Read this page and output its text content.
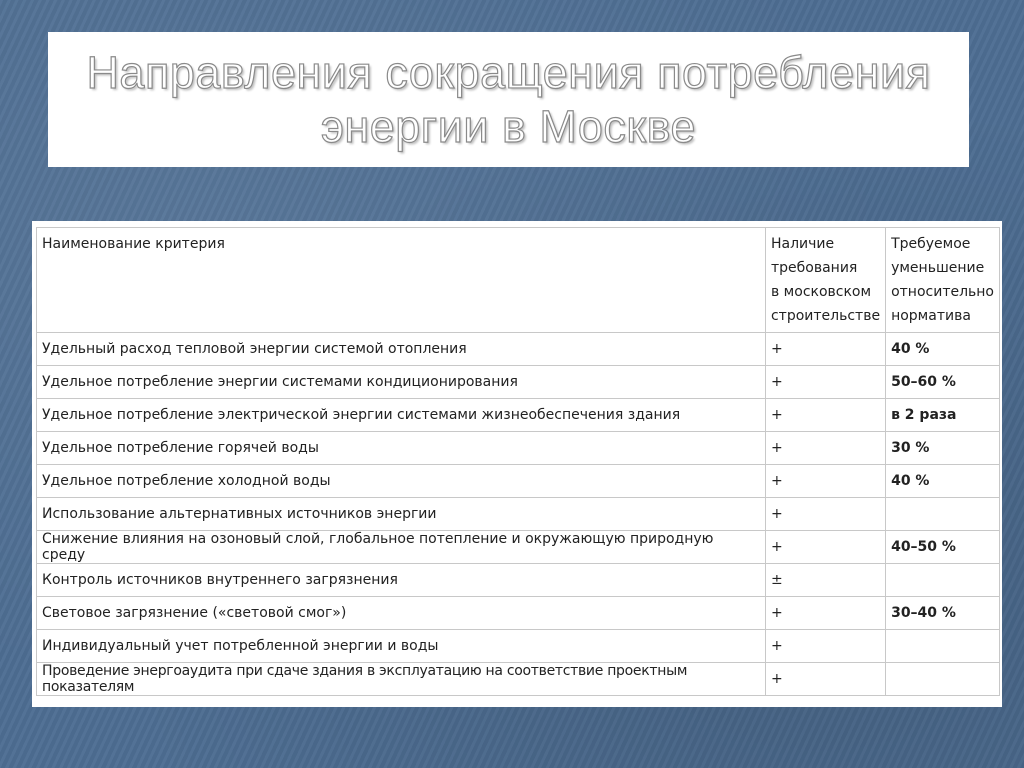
Направления сокращения потребления
энергии в Москве
Наименование критерия	Наличие
требования
в московском
строительстве	Требуемое
уменьшение
относительно
норматива

Удельный расход тепловой энергии системой отопления	+	40 %
Удельное потребление энергии системами кондиционирования	+	50–60 %
Удельное потребление электрической энергии системами жизнеобеспечения здания	+	в 2 раза
Удельное потребление горячей воды	+	30 %
Удельное потребление холодной воды	+	40 %
Использование альтернативных источников энергии	+	
Снижение влияния на озоновый слой, глобальное потепление и окружающую природную среду	+	40–50 %
Контроль источников внутреннего загрязнения	±	
Световое загрязнение («световой смог»)	+	30–40 %
Индивидуальный учет потребленной энергии и воды	+	
Проведение энергоаудита при сдаче здания в эксплуатацию на соответствие проектным показателям	+	
